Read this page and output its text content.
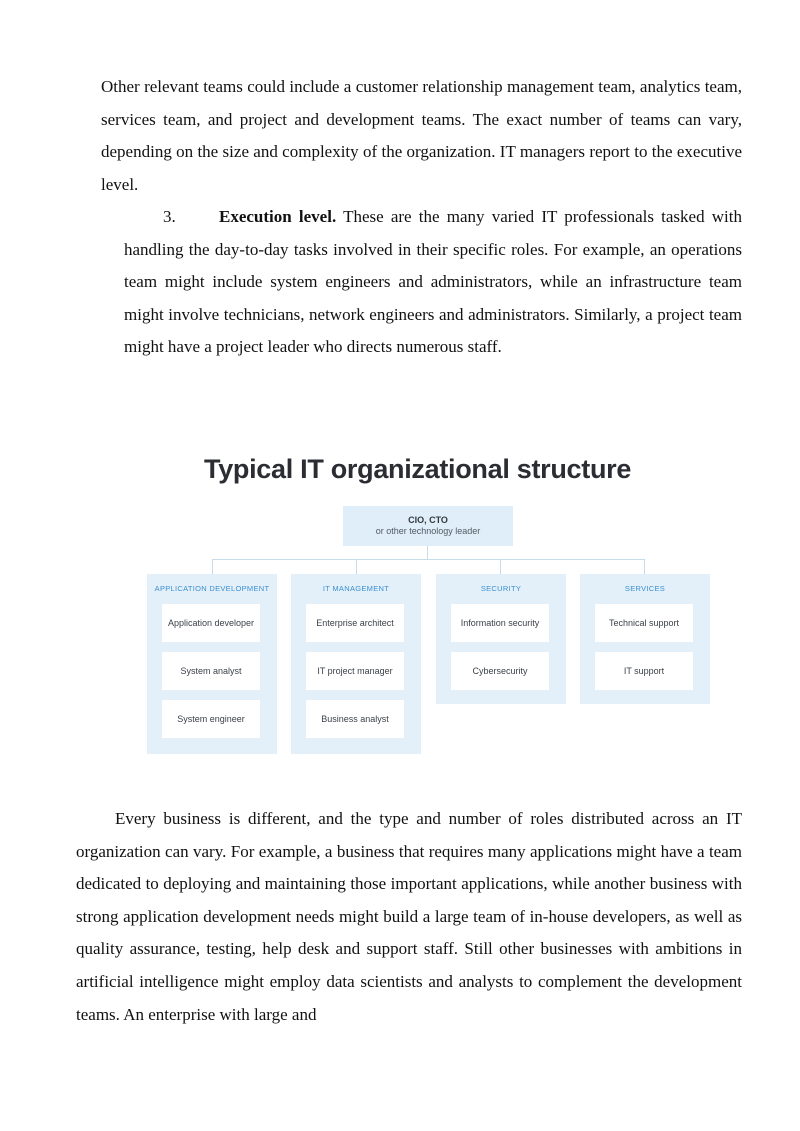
Other relevant teams could include a customer relationship management team, analytics team, services team, and project and development teams. The exact number of teams can vary, depending on the size and complexity of the organization. IT managers report to the executive level.

3.	Execution level. These are the many varied IT professionals tasked with handling the day-to-day tasks involved in their specific roles. For example, an operations team might include system engineers and administrators, while an infrastructure team might involve technicians, network engineers and administrators. Similarly, a project team might have a project leader who directs numerous staff.

Typical IT organizational structure
CIO, CTO
or other technology leader
APPLICATION DEVELOPMENT
Application developer
System analyst
System engineer
IT MANAGEMENT
Enterprise architect
IT project manager
Business analyst
SECURITY
Information security
Cybersecurity
SERVICES
Technical support
IT support

Every business is different, and the type and number of roles distributed across an IT organization can vary. For example, a business that requires many applications might have a team dedicated to deploying and maintaining those important applications, while another business with strong application development needs might build a large team of in-house developers, as well as quality assurance, testing, help desk and support staff. Still other businesses with ambitions in artificial intelligence might employ data scientists and analysts to complement the development teams. An enterprise with large and
